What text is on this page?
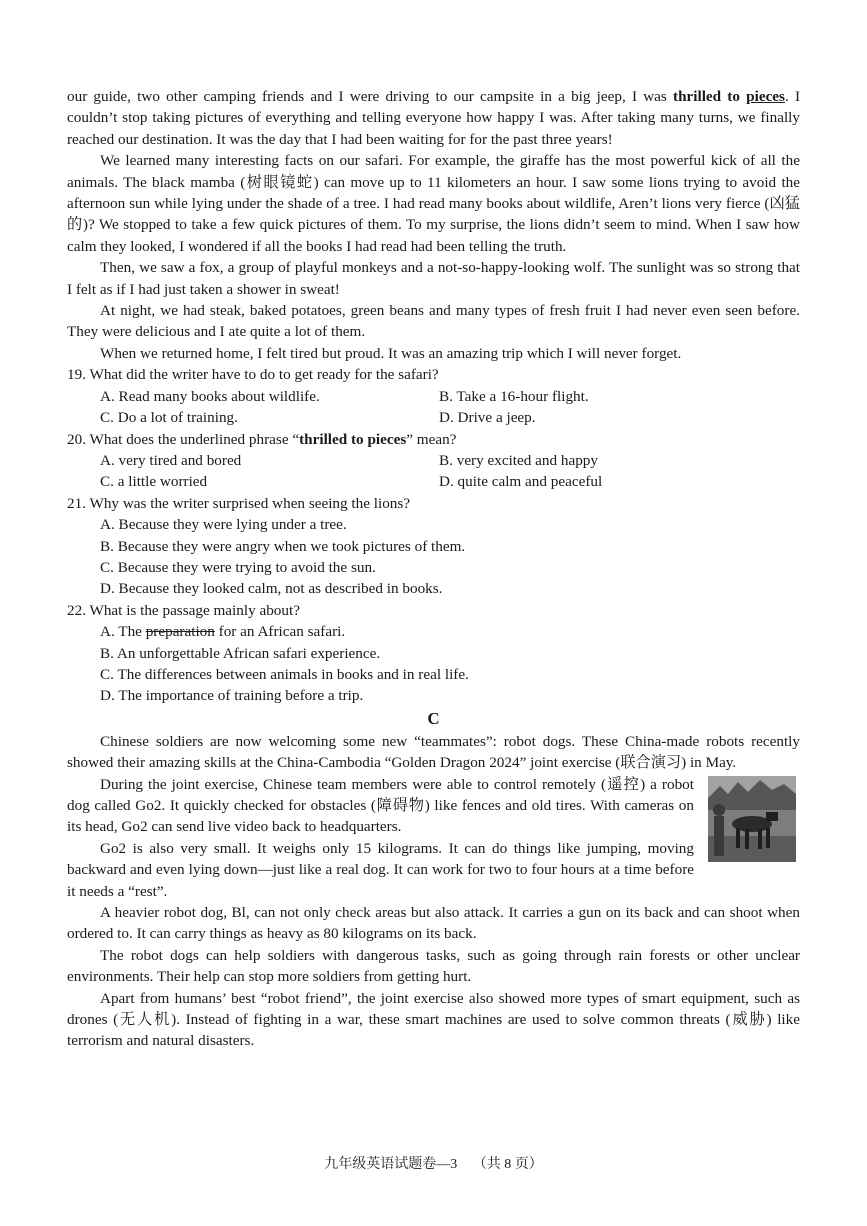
our guide, two other camping friends and I were driving to our campsite in a big jeep, I was thrilled to pieces. I couldn’t stop taking pictures of everything and telling everyone how happy I was. After taking many turns, we finally reached our destination. It was the day that I had been waiting for for the past three years!

We learned many interesting facts on our safari. For example, the giraffe has the most powerful kick of all the animals. The black mamba (树眼镜蛇) can move up to 11 kilometers an hour. I saw some lions trying to avoid the afternoon sun while lying under the shade of a tree. I had read many books about wildlife, Aren’t lions very fierce (凶猛的)? We stopped to take a few quick pictures of them. To my surprise, the lions didn’t seem to mind. When I saw how calm they looked, I wondered if all the books I had read had been telling the truth.

Then, we saw a fox, a group of playful monkeys and a not-so-happy-looking wolf. The sunlight was so strong that I felt as if I had just taken a shower in sweat!

At night, we had steak, baked potatoes, green beans and many types of fresh fruit I had never even seen before. They were delicious and I ate quite a lot of them.

When we returned home, I felt tired but proud. It was an amazing trip which I will never forget.

19. What did the writer have to do to get ready for the safari?

A. Read many books about wildlife.	B. Take a 16-hour flight.
C. Do a lot of training.	D. Drive a jeep.

20. What does the underlined phrase “thrilled to pieces” mean?

A. very tired and bored	B. very excited and happy
C. a little worried	D. quite calm and peaceful

21. Why was the writer surprised when seeing the lions?

A. Because they were lying under a tree.

B. Because they were angry when we took pictures of them.

C. Because they were trying to avoid the sun.

D. Because they looked calm, not as described in books.

22. What is the passage mainly about?

A. The preparation for an African safari.

B. An unforgettable African safari experience.

C. The differences between animals in books and in real life.

D. The importance of training before a trip.

C

Chinese soldiers are now welcoming some new “teammates”: robot dogs. These China-made robots recently showed their amazing skills at the China-Cambodia “Golden Dragon 2024” joint exercise (联合演习) in May.

During the joint exercise, Chinese team members were able to control remotely (遥控) a robot dog called Go2. It quickly checked for obstacles (障碍物) like fences and old tires. With cameras on its head, Go2 can send live video back to headquarters.

Go2 is also very small. It weighs only 15 kilograms. It can do things like jumping, moving backward and even lying down—just like a real dog. It can work for two to four hours at a time before it needs a “rest”.

A heavier robot dog, Bl, can not only check areas but also attack. It carries a gun on its back and can shoot when ordered to. It can carry things as heavy as 80 kilograms on its back.

The robot dogs can help soldiers with dangerous tasks, such as going through rain forests or other unclear environments. Their help can stop more soldiers from getting hurt.

Apart from humans’ best “robot friend”, the joint exercise also showed more types of smart equipment, such as drones (无人机). Instead of fighting in a war, these smart machines are used to solve common threats (威胁) like terrorism and natural disasters.

九年级英语试题卷—3 （共 8 页）
